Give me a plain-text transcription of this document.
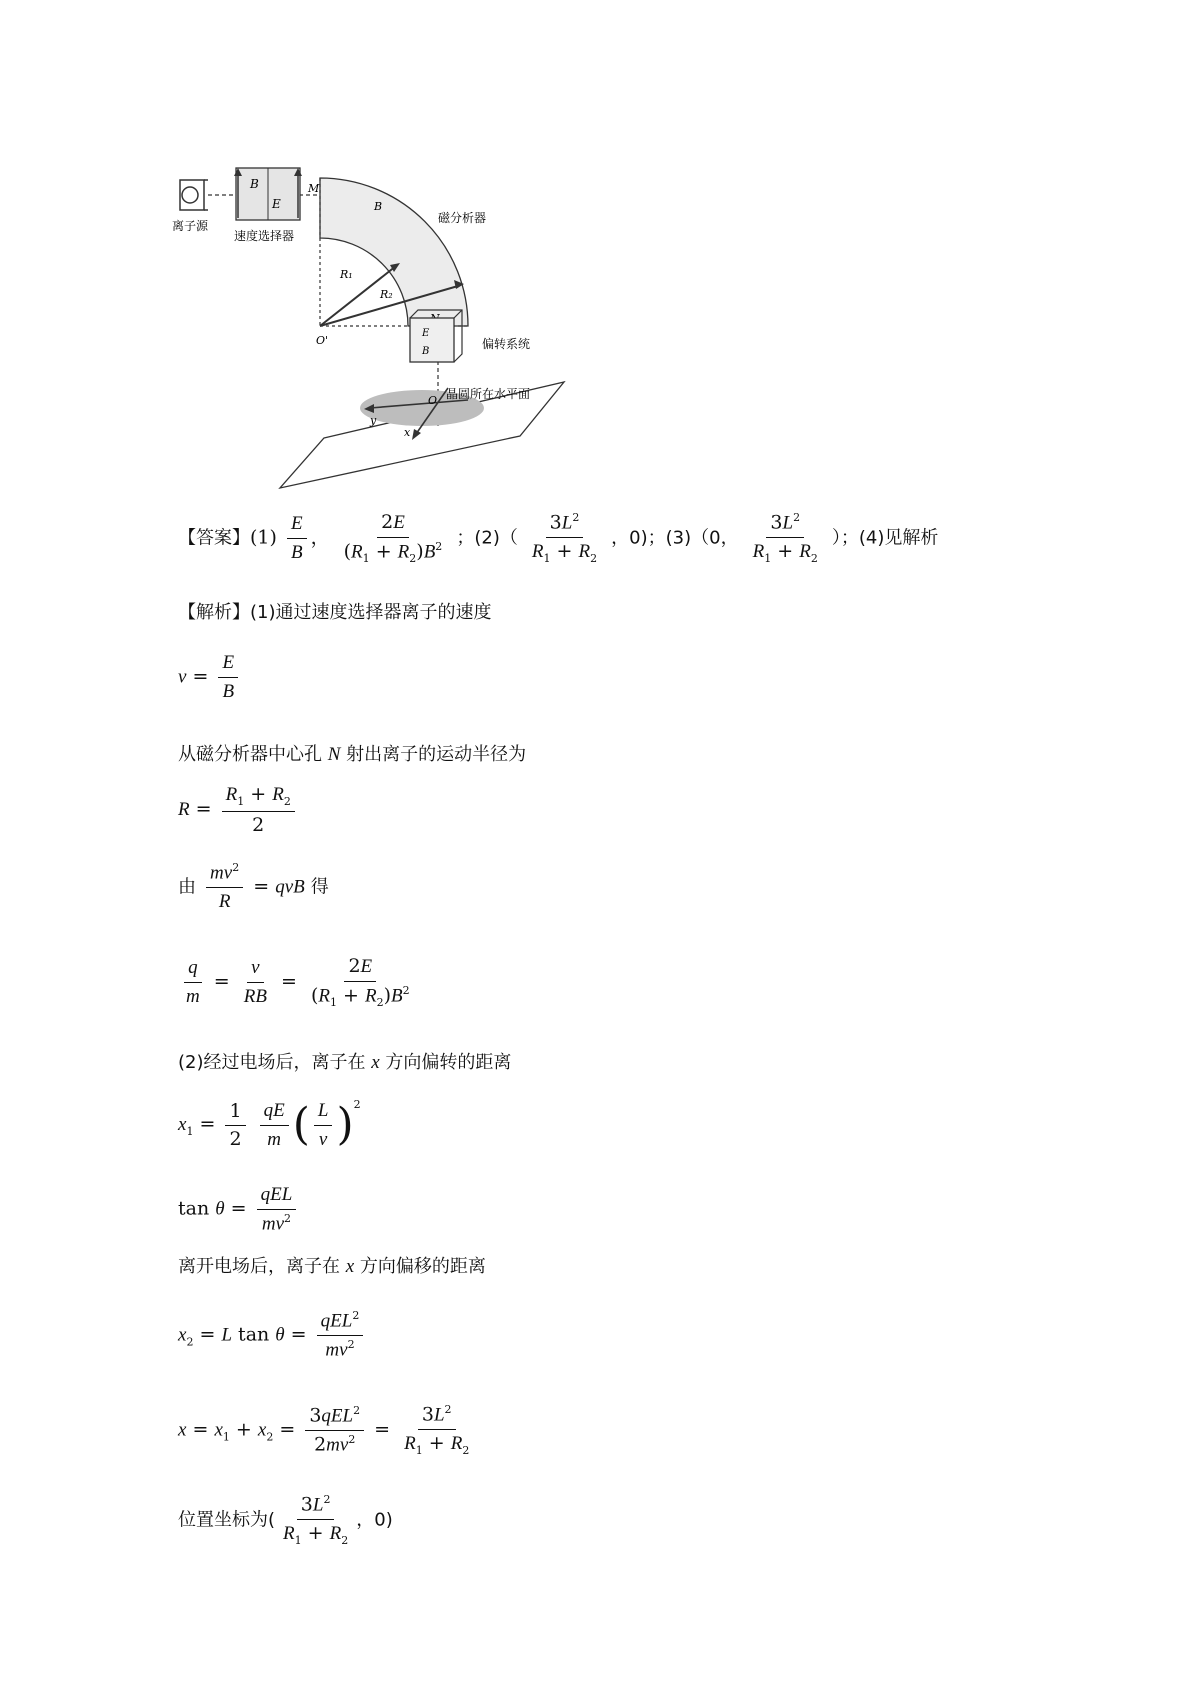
离子源
B
E
速度选择器
M
B
磁分析器
R₁
R₂
O'
E
B
偏转系统
O
y
x
晶圆所在水平面
【答案】$(1) \frac{E}{B}$ ， $\frac{2E}{(R_1 + R_2)B^2}$ ；$(2)( \frac{3L^2}{R_1 + R_2}$ ，0)；(3)（0， $\frac{3L^2}{R_1 + R_2}$ ）；(4)见解析
【解析】(1)通过速度选择器离子的速度
$v = \frac{E}{B}$
从磁分析器中心孔 N 射出离子的运动半径为
$R = \frac{R_1 + R_2}{2}$
由 $\frac{mv^2}{R}$ = qvB 得
$\frac{q}{m} = \frac{v}{RB} = \frac{2E}{(R_1 + R_2)B^2}$
(2)经过电场后，离子在 x 方向偏转的距离
$x_1 = \frac{1}{2}$
$\frac{qE}{m}$ ( $\frac{L}{v} )^2$
$\tan \theta = \frac{\text{qEL}}{mv^2}$
离开电场后，离子在 x 方向偏移的距离
$x_2 = L$ $\tan \theta = \frac{qEL^2}{mv^2}$
$x = x_1 + x_2 = \frac{3qEL^2}{2mv^2} = \frac{3L^2}{R_1 + R_2}$
位置坐标为( $\frac{3L^2}{R_1 + R_2}$ ，0)
